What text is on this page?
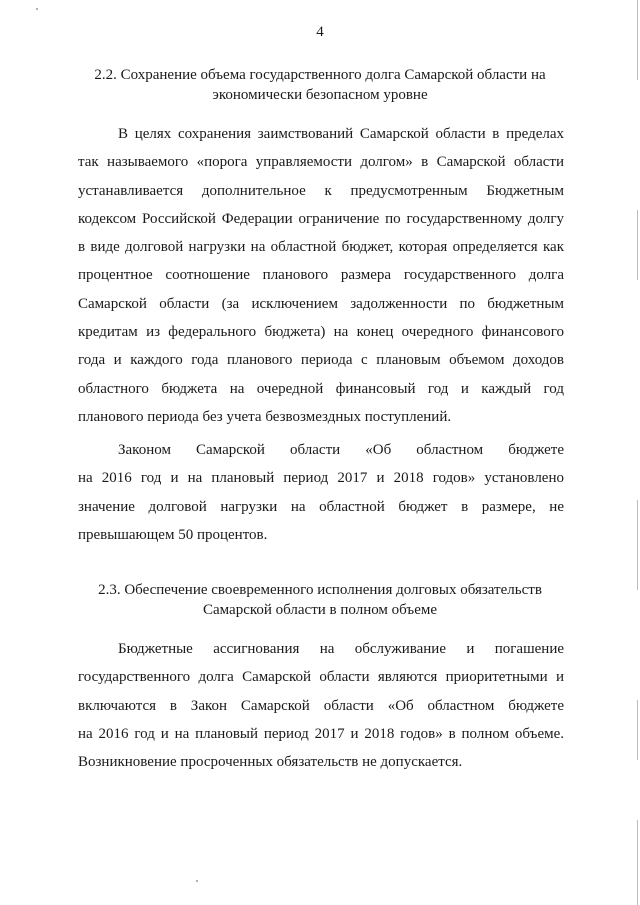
4
2.2. Сохранение объема государственного долга Самарской области на
экономически безопасном уровне
В целях сохранения заимствований Самарской области в пределах
так называемого «порога управляемости долгом» в Самарской области
устанавливается дополнительное к предусмотренным Бюджетным
кодексом Российской Федерации ограничение по государственному долгу
в виде долговой нагрузки на областной бюджет, которая определяется как
процентное соотношение планового размера государственного долга
Самарской области (за исключением задолженности по бюджетным
кредитам из федерального бюджета) на конец очередного финансового
года и каждого года планового периода с плановым объемом доходов
областного бюджета на очередной финансовый год и каждый год
планового периода без учета безвозмездных поступлений.
Законом Самарской области «Об областном бюджете
на 2016 год и на плановый период 2017 и 2018 годов» установлено
значение долговой нагрузки на областной бюджет в размере, не
превышающем 50 процентов.
2.3. Обеспечение своевременного исполнения долговых обязательств
Самарской области в полном объеме
Бюджетные ассигнования на обслуживание и погашение
государственного долга Самарской области являются приоритетными и
включаются в Закон Самарской области «Об областном бюджете
на 2016 год и на плановый период 2017 и 2018 годов» в полном объеме.
Возникновение просроченных обязательств не допускается.
